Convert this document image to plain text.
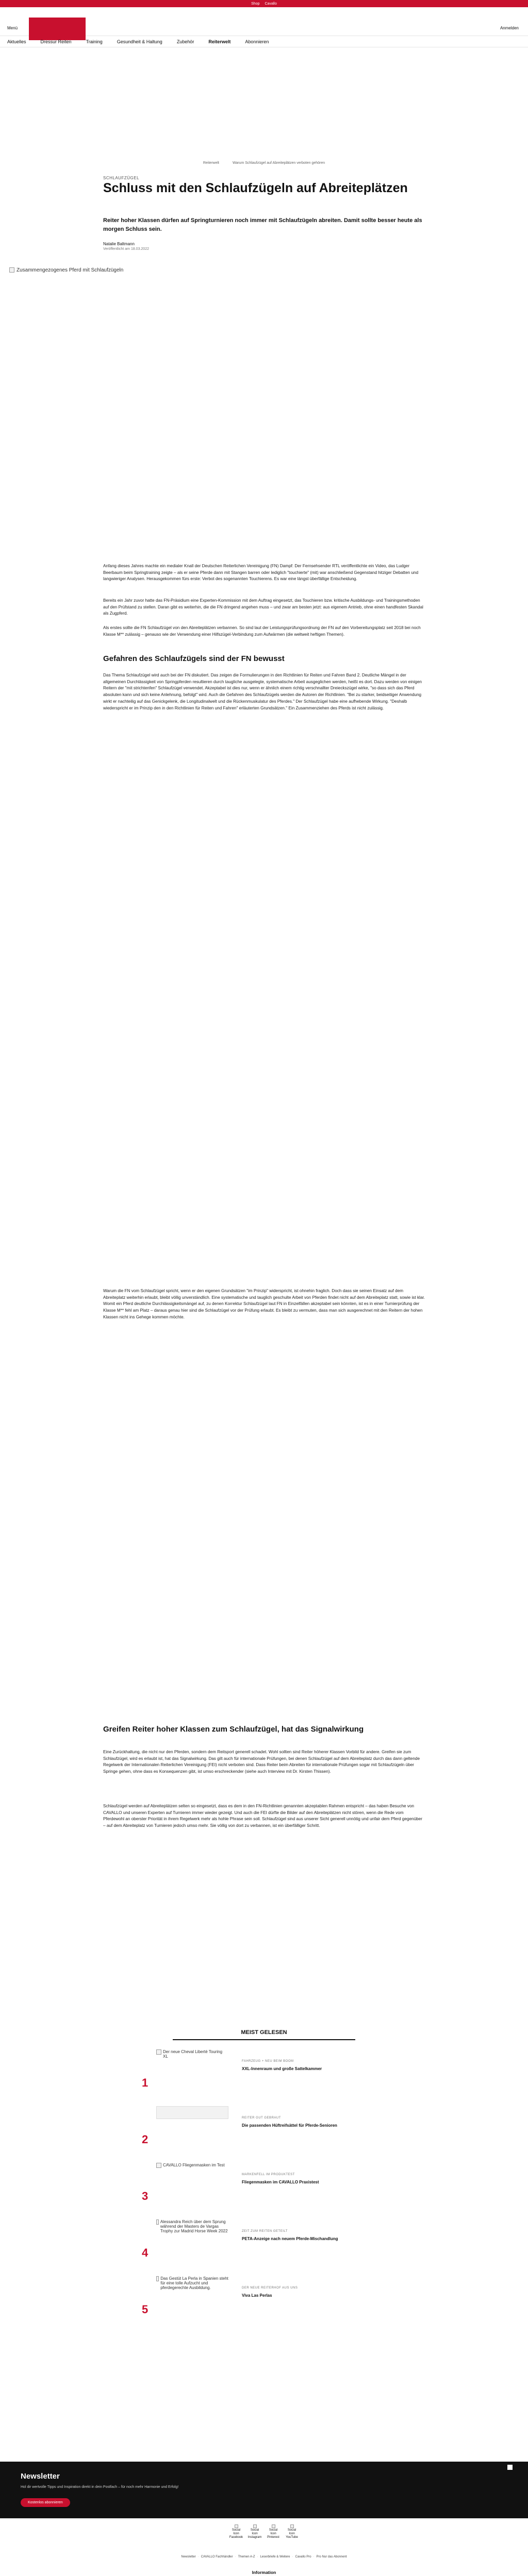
Shop Cavallo
Menü	Anmelden
Aktuelles	Dressur Reiten	Training	Gesundheit & Haltung	Zubehör	Reiterwelt	Abonnieren
Reiterwelt	Warum Schlaufzügel auf Abreiteplätzen verboten gehören
SCHLAUFZÜGEL
Schluss mit den Schlaufzügeln auf Abreiteplätzen

Reiter hoher Klassen dürfen auf Springturnieren noch immer mit Schlaufzügeln abreiten. Damit sollte besser heute als morgen Schluss sein.

Natalie Baltmann
Veröffentlicht am 18.03.2022
Zusammengezogenes Pferd mit Schlaufzügeln

Anfang dieses Jahres machte ein medialer Knall der Deutschen Reiterlichen Vereinigung (FN) Dampf: Der Fernsehsender RTL veröffentlichte ein Video, das Ludger Beerbaum beim Springtraining zeigte – als er seine Pferde dann mit Stangen barren oder lediglich "touchierte" (mit) war anschließend Gegenstand hitziger Debatten und langwieriger Analysen. Herausgekommen fürs erste: Verbot des sogenannten Touchierens. Es war eine längst überfällige Entscheidung.

Bereits ein Jahr zuvor hatte das FN-Präsidium eine Experten-Kommission mit dem Auftrag eingesetzt, das Touchieren bzw. kritische Ausbildungs- und Trainingsmethoden auf den Prüfstand zu stellen. Daran gibt es weiterhin, die die FN dringend angehen muss – und zwar am besten jetzt: aus eigenem Antrieb, ohne einen handfesten Skandal als Zugpferd.

Als erstes sollte die FN Schlaufzügel von den Abreiteplätzen verbannen. So sind laut der Leistungsprüfungsordnung der FN auf den Vorbereitungsplatz seit 2018 bei noch Klasse M** zulässig – genauso wie der Verwendung einer Hilfszügel-Verbindung zum Aufwärmen (die weltweit heftigen Themen).

Gefahren des Schlaufzügels sind der FN bewusst

Das Thema Schlaufzügel wird auch bei der FN diskutiert. Das zeigen die Formulierungen in den Richtlinien für Reiten und Fahren Band 2. Deutliche Mängel in der allgemeinen Durchlässigkeit von Springpferden resultieren durch taugliche ausgelegte, systematische Arbeit ausgeglichen werden, heißt es dort. Dazu werden von einigen Reitern der "mit strichtenfen" Schlaufzügel verwendet. Akzeptabel ist dies nur, wenn er ähnlich einem richtig verschnallter Dreieckszügel wirke, "so dass sich das Pferd absoluten kann und sich keine Anlehnung, befolgt" wird. Auch die Gefahren des Schlaufzügels werden die Autoren der Richtlinien. "Bei zu starker, beidseitiger Anwendung wirkt er nachteilig auf das Genickgelenk, die Longitudinalwelt und die Rückenmuskulatur des Pferdes." Der Schlaufzügel habe eine aufhebende Wirkung. "Deshalb wiederspricht er im Prinzip den in den Richtlinien für Reiten und Fahren" erläuterten Grundsätzen." Ein Zusammenziehen des Pferds ist nicht zulässig.

Warum die FN vom Schlaufzügel spricht, wenn er den eigenen Grundsätzen "im Prinzip" widerspricht, ist ohnehin fraglich. Doch dass sie seinen Einsatz auf dem Abreiteplatz weiterhin erlaubt, bleibt völlig unverständlich. Eine systematische und tauglich geschulte Arbeit von Pferden findet nicht auf dem Abreiteplatz statt, sowie ist klar. Womit ein Pferd deutliche Durchlässigkeitsmängel auf, zu denen Korrektur Schlaufzügel laut FN in Einzelfällen akzeptabel sein könnten, ist es in einer Turnierprüfung der Klasse M** fehl am Platz – daraus genau hier sind die Schlaufzügel vor der Prüfung erlaubt. Es bleibt zu vermuten, dass man sich ausgerechnet mit den Reitern der hohen Klassen nicht ins Gehege kommen möchte.

Greifen Reiter hoher Klassen zum Schlaufzügel, hat das Signalwirkung

Eine Zurückhaltung, die nicht nur den Pferden, sondern dem Reitsport generell schadet. Wohl sollten sind Reiter höherer Klassen Vorbild für andere. Greifen sie zum Schlaufzügel, wird es erlaubt ist, hat das Signalwirkung. Das gilt auch für internationale Prüfungen, bei denen Schlaufzügel auf dem Abreiteplatz durch das dann geltende Regelwerk der Internationalen Reiterlichen Vereinigung (FEI) nicht verboten sind. Dass Reiter beim Abreiten für internationale Prüfungen sogar mit Schlaufzügeln über Springe gehen, ohne dass es Konsequenzen gibt, ist umso erschreckender (siehe auch Interview mit Dr. Kirsten Thissen).

Schlaufzügel werden auf Abreiteplätzen selten so eingesetzt, dass es dem in den FN-Richtlinien genannten akzeptablen Rahmen entspricht – das haben Besuche von CAVALLO und unseren Experten auf Turnieren immer wieder gezeigt. Und auch die FEI dürfte die Bilder auf den Abreiteplätzen nicht stören, wenn die Rede vom Pferdewohl an oberster Priorität in ihrem Regelwerk mehr als hohle Phrase sein soll. Schlaufzügel sind aus unserer Sicht generell unnötig und unfair dem Pferd gegenüber – auf dem Abreiteplatz von Turnieren jedoch umso mehr. Sie völlig von dort zu verbannen, ist ein überfälliger Schritt.

MEIST GELESEN
1
Der neue Cheval Liberté Touring XL
FAHRZEUG + NEU BEIM BOOM
XXL-Innenraum und große Sattelkammer
2
REITER GUT GEBRAUT
Die passenden Hüftreifsättel für Pferde-Senioren
3
CAVALLO Fliegenmasken im Test
MARKENFELL IM PRODUKTEST
Fliegenmasken im CAVALLO Praxistest
4
Alessandra Reich über dem Sprung während der Masters de Vargas Trophy zur Madrid Horse Week 2022	ZEIT ZUM REITEN GETEILT
PETA-Anzeige nach neuem Pferde-Mischandlung
5
Das Gestüt La Perla in Spanien steht für eine tolle Aufzucht und pferdegerechte Ausbildung.	DER NEUE REITERHOF AUS UNS
Viva Las Perlas
Newsletter
Hol dir wertvolle Tipps und Inspiration direkt in dein Postfach – für noch mehr Harmonie und Erfolg!
Kostenlos abonnieren
Social Icon Facebook
Social Icon Instagram
Social Icon Pinterest
Social Icon YouTube
Newsletter · CAVALLO Fachhändler · Themen A-Z · Leserbriefe & Weitere · Cavallo Pro · Pro Nur das Abonnent
Information
